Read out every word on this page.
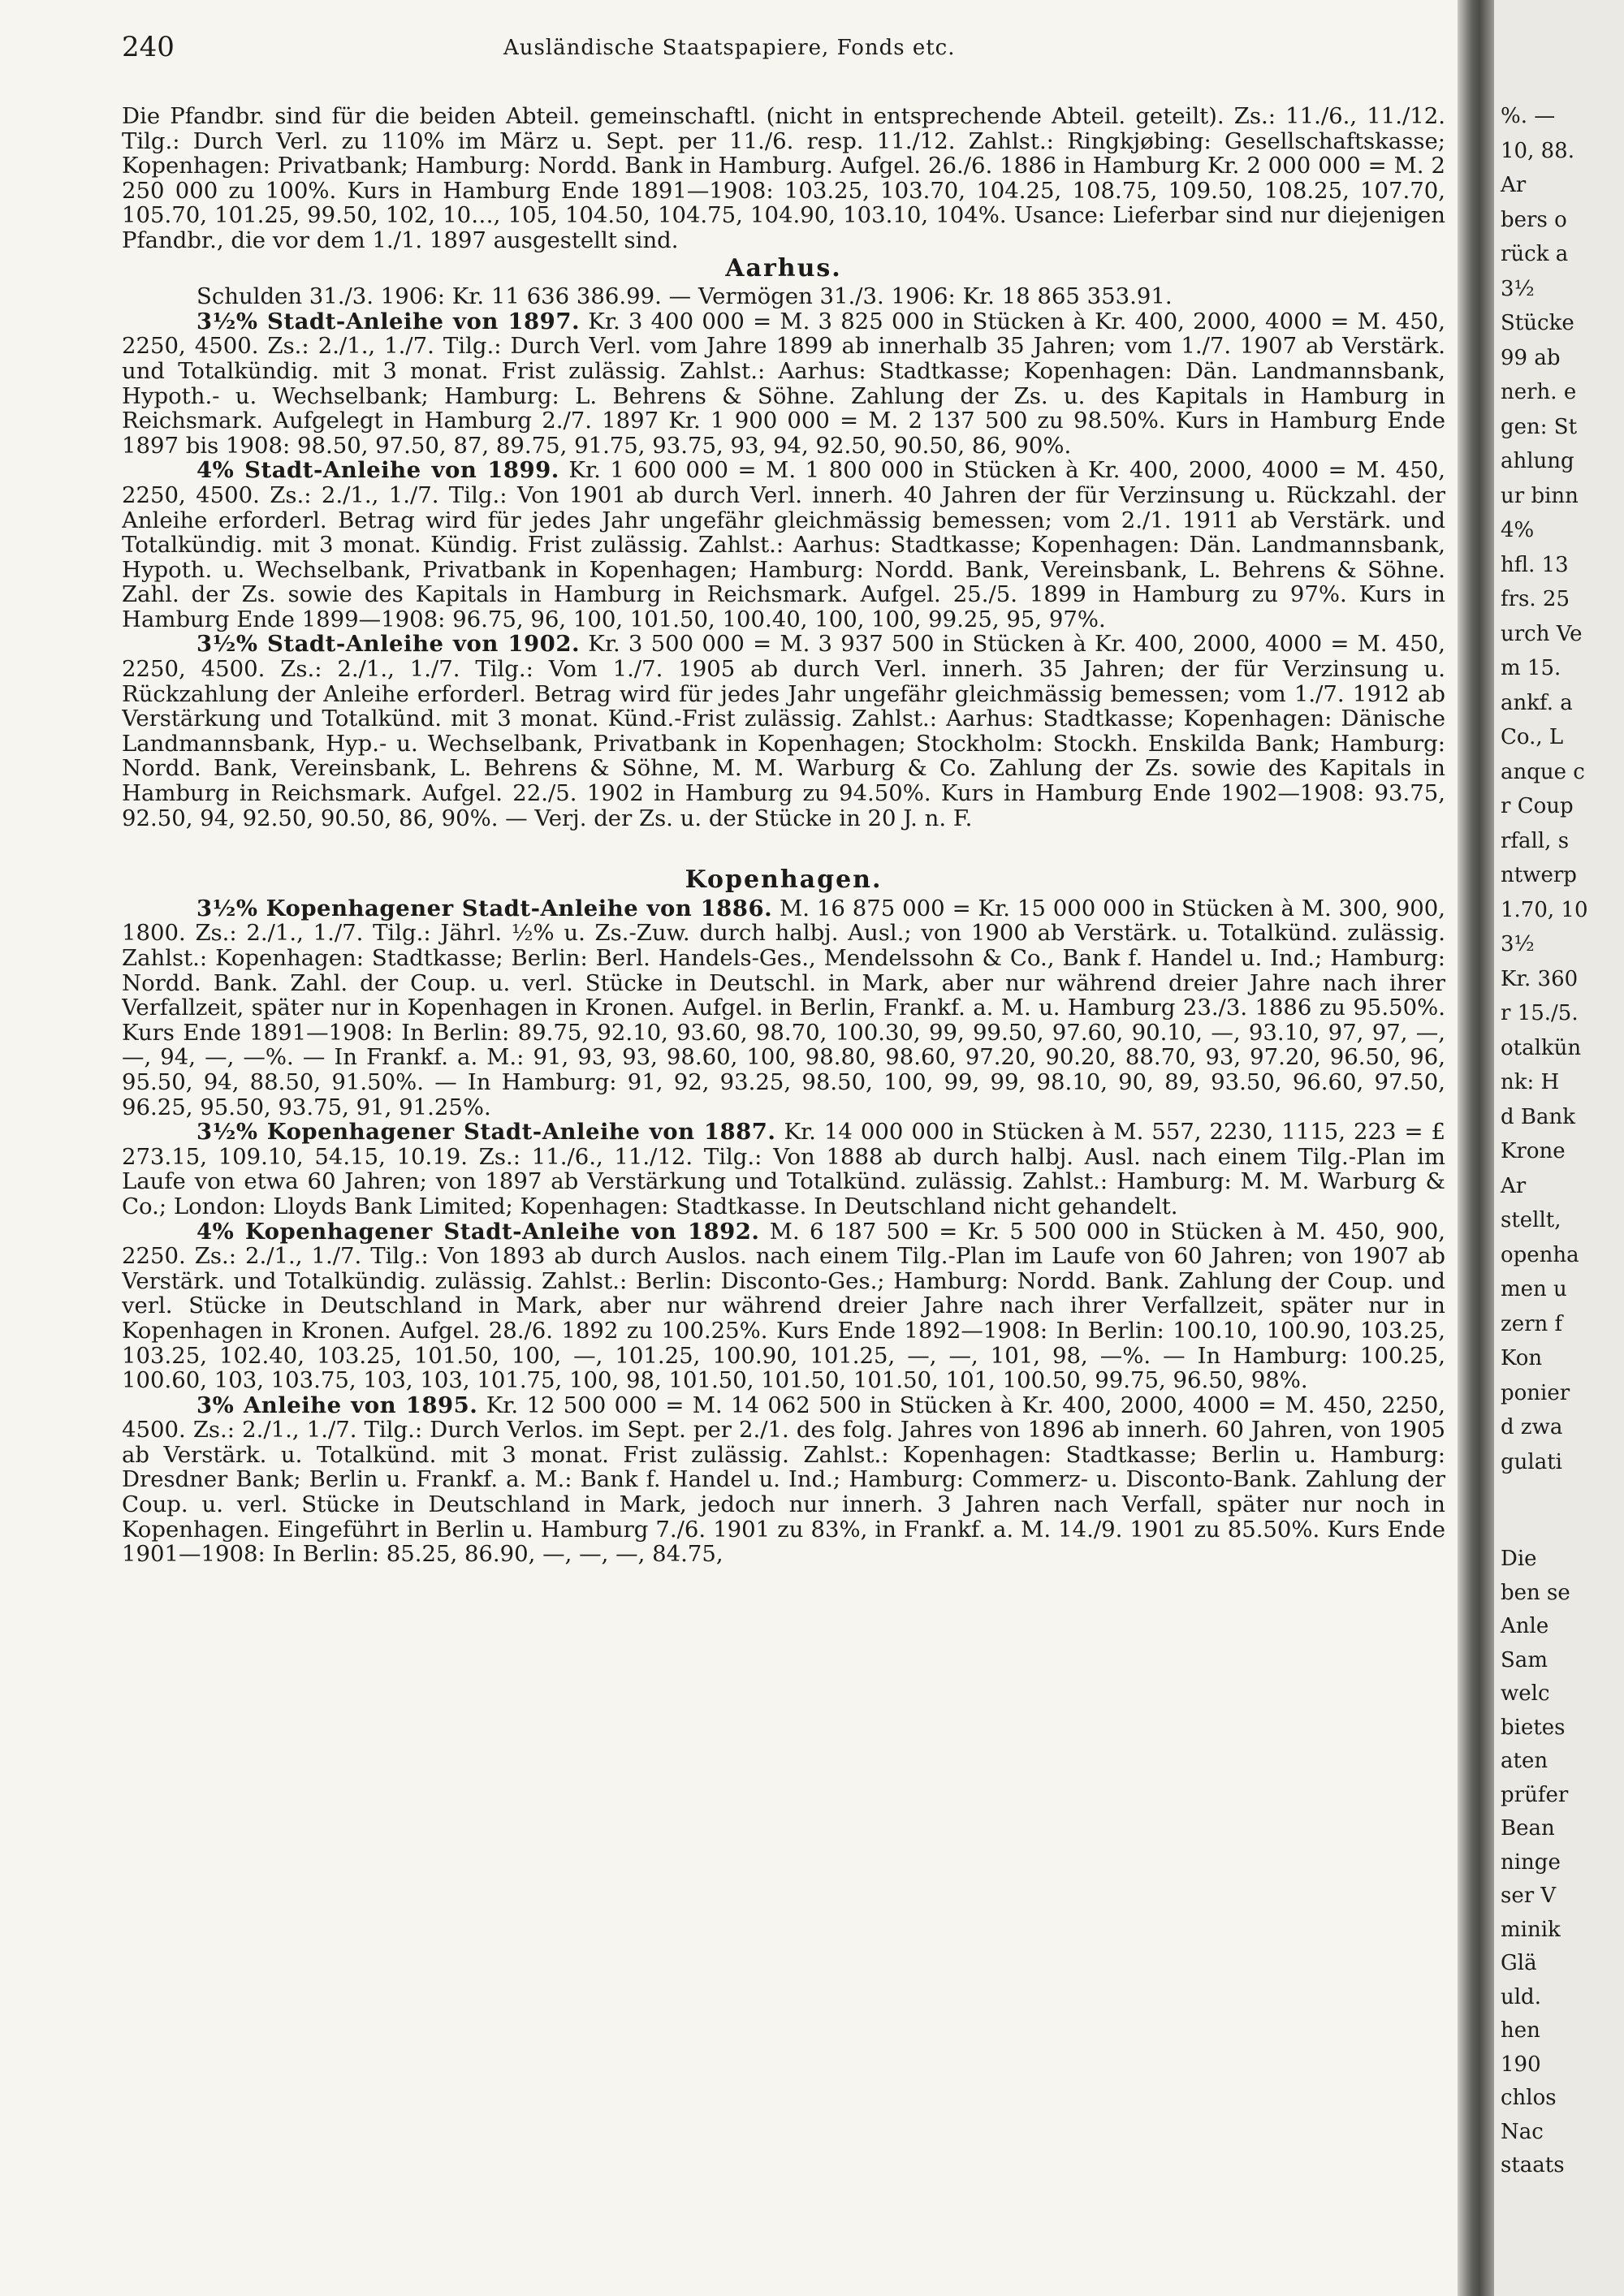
240	Ausländische Staatspapiere, Fonds etc.

Die Pfandbr. sind für die beiden Abteil. gemeinschaftl. (nicht in entsprechende Abteil. geteilt). Zs.: 11./6., 11./12. Tilg.: Durch Verl. zu 110% im März u. Sept. per 11./6. resp. 11./12. Zahlst.: Ringkjøbing: Gesellschaftskasse; Kopenhagen: Privatbank; Hamburg: Nordd. Bank in Hamburg. Aufgel. 26./6. 1886 in Hamburg Kr. 2 000 000 = M. 2 250 000 zu 100%. Kurs in Hamburg Ende 1891—1908: 103.25, 103.70, 104.25, 108.75, 109.50, 108.25, 107.70, 105.70, 101.25, 99.50, 102, 10…, 105, 104.50, 104.75, 104.90, 103.10, 104%. Usance: Lieferbar sind nur diejenigen Pfandbr., die vor dem 1./1. 1897 ausgestellt sind.

Aarhus.

Schulden 31./3. 1906: Kr. 11 636 386.99. — Vermögen 31./3. 1906: Kr. 18 865 353.91.

3½% Stadt-Anleihe von 1897. Kr. 3 400 000 = M. 3 825 000 in Stücken à Kr. 400, 2000, 4000 = M. 450, 2250, 4500. Zs.: 2./1., 1./7. Tilg.: Durch Verl. vom Jahre 1899 ab innerhalb 35 Jahren; vom 1./7. 1907 ab Verstärk. und Totalkündig. mit 3 monat. Frist zulässig. Zahlst.: Aarhus: Stadtkasse; Kopenhagen: Dän. Landmannsbank, Hypoth.- u. Wechselbank; Hamburg: L. Behrens & Söhne. Zahlung der Zs. u. des Kapitals in Hamburg in Reichsmark. Aufgelegt in Hamburg 2./7. 1897 Kr. 1 900 000 = M. 2 137 500 zu 98.50%. Kurs in Hamburg Ende 1897 bis 1908: 98.50, 97.50, 87, 89.75, 91.75, 93.75, 93, 94, 92.50, 90.50, 86, 90%.

4% Stadt-Anleihe von 1899. Kr. 1 600 000 = M. 1 800 000 in Stücken à Kr. 400, 2000, 4000 = M. 450, 2250, 4500. Zs.: 2./1., 1./7. Tilg.: Von 1901 ab durch Verl. innerh. 40 Jahren der für Verzinsung u. Rückzahl. der Anleihe erforderl. Betrag wird für jedes Jahr ungefähr gleichmässig bemessen; vom 2./1. 1911 ab Verstärk. und Totalkündig. mit 3 monat. Kündig. Frist zulässig. Zahlst.: Aarhus: Stadtkasse; Kopenhagen: Dän. Landmannsbank, Hypoth. u. Wechselbank, Privatbank in Kopenhagen; Hamburg: Nordd. Bank, Vereinsbank, L. Behrens & Söhne. Zahl. der Zs. sowie des Kapitals in Hamburg in Reichsmark. Aufgel. 25./5. 1899 in Hamburg zu 97%. Kurs in Hamburg Ende 1899—1908: 96.75, 96, 100, 101.50, 100.40, 100, 100, 99.25, 95, 97%.

3½% Stadt-Anleihe von 1902. Kr. 3 500 000 = M. 3 937 500 in Stücken à Kr. 400, 2000, 4000 = M. 450, 2250, 4500. Zs.: 2./1., 1./7. Tilg.: Vom 1./7. 1905 ab durch Verl. innerh. 35 Jahren; der für Verzinsung u. Rückzahlung der Anleihe erforderl. Betrag wird für jedes Jahr ungefähr gleichmässig bemessen; vom 1./7. 1912 ab Verstärkung und Totalkünd. mit 3 monat. Künd.-Frist zulässig. Zahlst.: Aarhus: Stadtkasse; Kopenhagen: Dänische Landmannsbank, Hyp.- u. Wechselbank, Privatbank in Kopenhagen; Stockholm: Stockh. Enskilda Bank; Hamburg: Nordd. Bank, Vereinsbank, L. Behrens & Söhne, M. M. Warburg & Co. Zahlung der Zs. sowie des Kapitals in Hamburg in Reichsmark. Aufgel. 22./5. 1902 in Hamburg zu 94.50%. Kurs in Hamburg Ende 1902—1908: 93.75, 92.50, 94, 92.50, 90.50, 86, 90%. — Verj. der Zs. u. der Stücke in 20 J. n. F.

Kopenhagen.

3½% Kopenhagener Stadt-Anleihe von 1886. M. 16 875 000 = Kr. 15 000 000 in Stücken à M. 300, 900, 1800. Zs.: 2./1., 1./7. Tilg.: Jährl. ½% u. Zs.-Zuw. durch halbj. Ausl.; von 1900 ab Verstärk. u. Totalkünd. zulässig. Zahlst.: Kopenhagen: Stadtkasse; Berlin: Berl. Handels-Ges., Mendelssohn & Co., Bank f. Handel u. Ind.; Hamburg: Nordd. Bank. Zahl. der Coup. u. verl. Stücke in Deutschl. in Mark, aber nur während dreier Jahre nach ihrer Verfallzeit, später nur in Kopenhagen in Kronen. Aufgel. in Berlin, Frankf. a. M. u. Hamburg 23./3. 1886 zu 95.50%. Kurs Ende 1891—1908: In Berlin: 89.75, 92.10, 93.60, 98.70, 100.30, 99, 99.50, 97.60, 90.10, —, 93.10, 97, 97, —, —, 94, —, —%. — In Frankf. a. M.: 91, 93, 93, 98.60, 100, 98.80, 98.60, 97.20, 90.20, 88.70, 93, 97.20, 96.50, 96, 95.50, 94, 88.50, 91.50%. — In Hamburg: 91, 92, 93.25, 98.50, 100, 99, 99, 98.10, 90, 89, 93.50, 96.60, 97.50, 96.25, 95.50, 93.75, 91, 91.25%.

3½% Kopenhagener Stadt-Anleihe von 1887. Kr. 14 000 000 in Stücken à M. 557, 2230, 1115, 223 = £ 273.15, 109.10, 54.15, 10.19. Zs.: 11./6., 11./12. Tilg.: Von 1888 ab durch halbj. Ausl. nach einem Tilg.-Plan im Laufe von etwa 60 Jahren; von 1897 ab Verstärkung und Totalkünd. zulässig. Zahlst.: Hamburg: M. M. Warburg & Co.; London: Lloyds Bank Limited; Kopenhagen: Stadtkasse. In Deutschland nicht gehandelt.

4% Kopenhagener Stadt-Anleihe von 1892. M. 6 187 500 = Kr. 5 500 000 in Stücken à M. 450, 900, 2250. Zs.: 2./1., 1./7. Tilg.: Von 1893 ab durch Auslos. nach einem Tilg.-Plan im Laufe von 60 Jahren; von 1907 ab Verstärk. und Totalkündig. zulässig. Zahlst.: Berlin: Disconto-Ges.; Hamburg: Nordd. Bank. Zahlung der Coup. und verl. Stücke in Deutschland in Mark, aber nur während dreier Jahre nach ihrer Verfallzeit, später nur in Kopenhagen in Kronen. Aufgel. 28./6. 1892 zu 100.25%. Kurs Ende 1892—1908: In Berlin: 100.10, 100.90, 103.25, 103.25, 102.40, 103.25, 101.50, 100, —, 101.25, 100.90, 101.25, —, —, 101, 98, —%. — In Hamburg: 100.25, 100.60, 103, 103.75, 103, 103, 101.75, 100, 98, 101.50, 101.50, 101.50, 101, 100.50, 99.75, 96.50, 98%.

3% Anleihe von 1895. Kr. 12 500 000 = M. 14 062 500 in Stücken à Kr. 400, 2000, 4000 = M. 450, 2250, 4500. Zs.: 2./1., 1./7. Tilg.: Durch Verlos. im Sept. per 2./1. des folg. Jahres von 1896 ab innerh. 60 Jahren, von 1905 ab Verstärk. u. Totalkünd. mit 3 monat. Frist zulässig. Zahlst.: Kopenhagen: Stadtkasse; Berlin u. Hamburg: Dresdner Bank; Berlin u. Frankf. a. M.: Bank f. Handel u. Ind.; Hamburg: Commerz- u. Disconto-Bank. Zahlung der Coup. u. verl. Stücke in Deutschland in Mark, jedoch nur innerh. 3 Jahren nach Verfall, später nur noch in Kopenhagen. Eingeführt in Berlin u. Hamburg 7./6. 1901 zu 83%, in Frankf. a. M. 14./9. 1901 zu 85.50%. Kurs Ende 1901—1908: In Berlin: 85.25, 86.90, —, —, —, 84.75,

%. —
10, 88.
Ar
bers o
rück a
3½
Stücke
99 ab
nerh. e
gen: St
ahlung
ur binn
4%
hfl. 13
frs. 25
urch Ve
m 15.
ankf. a
Co., L
anque c
r Coup
rfall, s
ntwerp
1.70, 10
3½
Kr. 360
r 15./5.
otalkün
nk: H
d Bank
Krone
Ar
stellt,
openha
men u
zern f
Kon
ponier
d zwa
gulati
Die
ben se
Anle
Sam
welc
bietes
aten
prüfer
Bean
ninge
ser V
minik
Glä
uld.
hen
190
chlos
Nac
staats
